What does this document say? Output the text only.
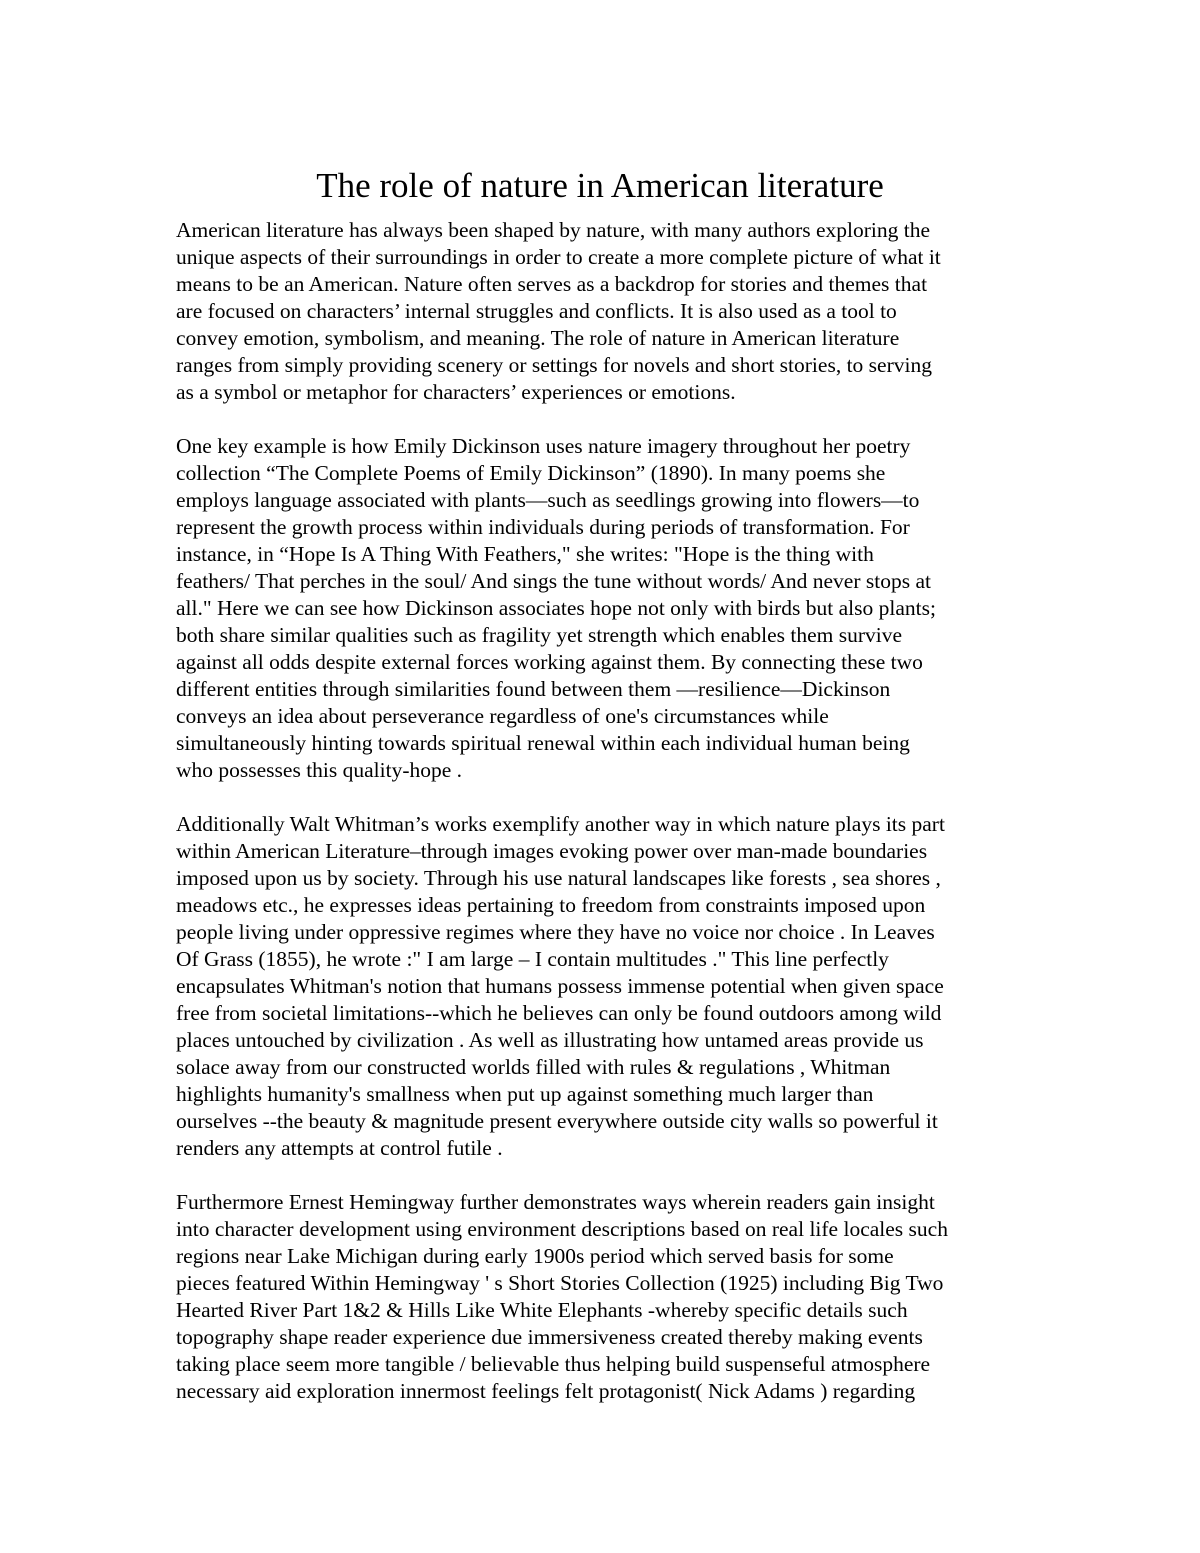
The role of nature in American literature
American literature has always been shaped by nature, with many authors exploring the
unique aspects of their surroundings in order to create a more complete picture of what it
means to be an American. Nature often serves as a backdrop for stories and themes that
are focused on characters’ internal struggles and conflicts. It is also used as a tool to
convey emotion, symbolism, and meaning. The role of nature in American literature
ranges from simply providing scenery or settings for novels and short stories, to serving
as a symbol or metaphor for characters’ experiences or emotions.
One key example is how Emily Dickinson uses nature imagery throughout her poetry
collection “The Complete Poems of Emily Dickinson” (1890). In many poems she
employs language associated with plants—such as seedlings growing into flowers—to
represent the growth process within individuals during periods of transformation. For
instance, in “Hope Is A Thing With Feathers," she writes: "Hope is the thing with
feathers/ That perches in the soul/ And sings the tune without words/ And never stops at
all." Here we can see how Dickinson associates hope not only with birds but also plants;
both share similar qualities such as fragility yet strength which enables them survive
against all odds despite external forces working against them. By connecting these two
different entities through similarities found between them —resilience—Dickinson
conveys an idea about perseverance regardless of one's circumstances while
simultaneously hinting towards spiritual renewal within each individual human being
who possesses this quality-hope .
Additionally Walt Whitman’s works exemplify another way in which nature plays its part
within American Literature–through images evoking power over man-made boundaries
imposed upon us by society. Through his use natural landscapes like forests , sea shores ,
meadows etc., he expresses ideas pertaining to freedom from constraints imposed upon
people living under oppressive regimes where they have no voice nor choice . In Leaves
Of Grass (1855), he wrote :" I am large – I contain multitudes ." This line perfectly
encapsulates Whitman's notion that humans possess immense potential when given space
free from societal limitations--which he believes can only be found outdoors among wild
places untouched by civilization . As well as illustrating how untamed areas provide us
solace away from our constructed worlds filled with rules & regulations , Whitman
highlights humanity's smallness when put up against something much larger than
ourselves --the beauty & magnitude present everywhere outside city walls so powerful it
renders any attempts at control futile .
Furthermore Ernest Hemingway further demonstrates ways wherein readers gain insight
into character development using environment descriptions based on real life locales such
regions near Lake Michigan during early 1900s period which served basis for some
pieces featured Within Hemingway ' s Short Stories Collection (1925) including Big Two
Hearted River Part 1&2 & Hills Like White Elephants -whereby specific details such
topography shape reader experience due immersiveness created thereby making events
taking place seem more tangible / believable thus helping build suspenseful atmosphere
necessary aid exploration innermost feelings felt protagonist( Nick Adams ) regarding
